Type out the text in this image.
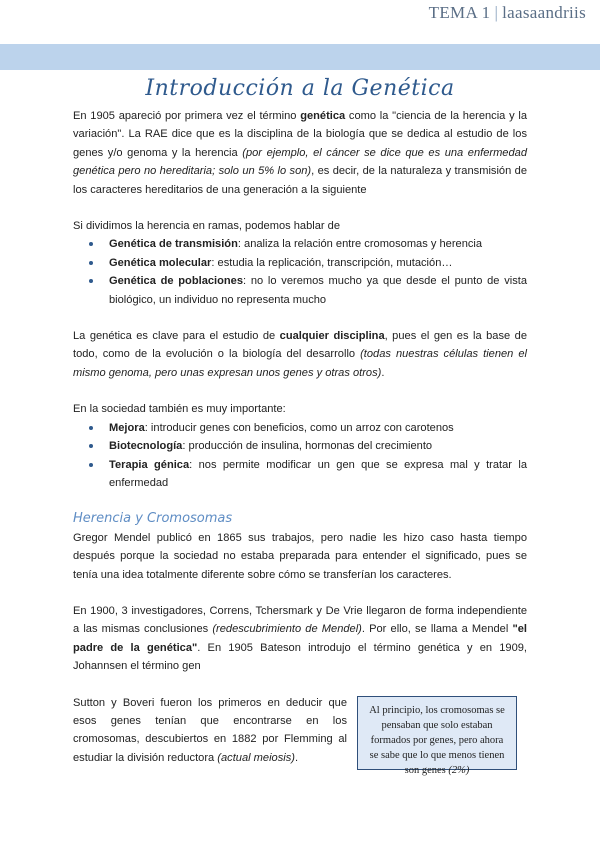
TEMA 1 | laasaandriis
Introducción a la Genética

En 1905 apareció por primera vez el término genética como la "ciencia de la herencia y la variación". La RAE dice que es la disciplina de la biología que se dedica al estudio de los genes y/o genoma y la herencia (por ejemplo, el cáncer se dice que es una enfermedad genética pero no hereditaria; solo un 5% lo son), es decir, de la naturaleza y transmisión de los caracteres hereditarios de una generación a la siguiente

Si dividimos la herencia en ramas, podemos hablar de

Genética de transmisión: analiza la relación entre cromosomas y herencia
Genética molecular: estudia la replicación, transcripción, mutación…
Genética de poblaciones: no lo veremos mucho ya que desde el punto de vista biológico, un individuo no representa mucho

La genética es clave para el estudio de cualquier disciplina, pues el gen es la base de todo, como de la evolución o la biología del desarrollo (todas nuestras células tienen el mismo genoma, pero unas expresan unos genes y otras otros).

En la sociedad también es muy importante:

Mejora: introducir genes con beneficios, como un arroz con carotenos
Biotecnología: producción de insulina, hormonas del crecimiento
Terapia génica: nos permite modificar un gen que se expresa mal y tratar la enfermedad

Herencia y Cromosomas

Gregor Mendel publicó en 1865 sus trabajos, pero nadie les hizo caso hasta tiempo después porque la sociedad no estaba preparada para entender el significado, pues se tenía una idea totalmente diferente sobre cómo se transferían los caracteres.

En 1900, 3 investigadores, Correns, Tchersmark y De Vrie llegaron de forma independiente a las mismas conclusiones (redescubrimiento de Mendel). Por ello, se llama a Mendel "el padre de la genética". En 1905 Bateson introdujo el término genética y en 1909, Johannsen el término gen

Sutton y Boveri fueron los primeros en deducir que esos genes tenían que encontrarse en los cromosomas, descubiertos en 1882 por Flemming al estudiar la división reductora (actual meiosis).

Al principio, los cromosomas se pensaban que solo estaban formados por genes, pero ahora se sabe que lo que menos tienen son genes (2%)
